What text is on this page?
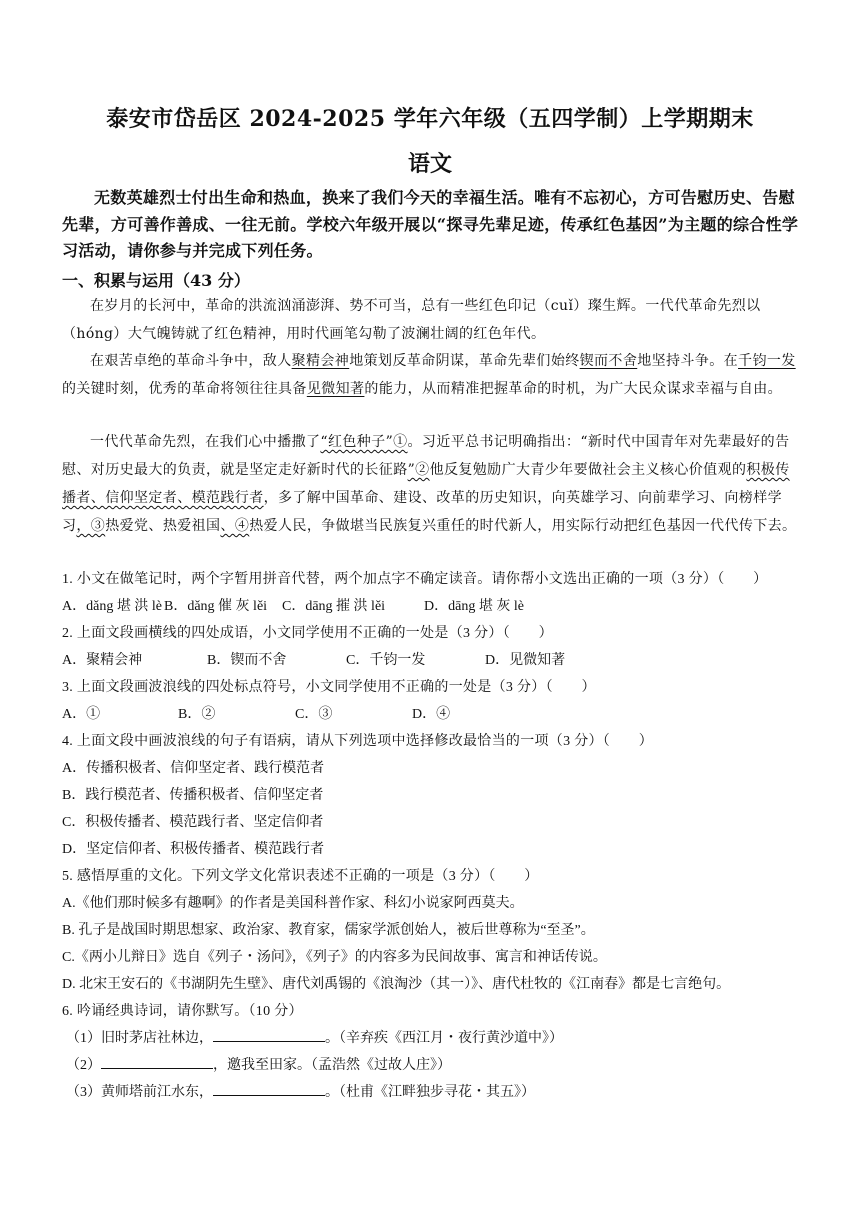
泰安市岱岳区 2024-2025 学年六年级（五四学制）上学期期末
语文
无数英雄烈士付出生命和热血，换来了我们今天的幸福生活。唯有不忘初心，方可告慰历史、告慰先辈，方可善作善成、一往无前。学校六年级开展以“探寻先辈足迹，传承红色基因”为主题的综合性学习活动，请你参与并完成下列任务。
一、积累与运用（43 分）
在岁月的长河中，革命的洪流汹涌澎湃、势不可当，总有一些红色印记（cuǐ）璨生辉。一代代革命先烈以（hóng）大气魄铸就了红色精神，用时代画笔勾勒了波澜壮阔的红色年代。
在艰苦卓绝的革命斗争中，敌人聚精会神地策划反革命阴谋，革命先辈们始终锲而不舍地坚持斗争。在千钧一发的关键时刻，优秀的革命将领往往具备见微知著的能力，从而精准把握革命的时机，为广大民众谋求幸福与自由。
一代代革命先烈，在我们心中播撒了“红色种子”①。习近平总书记明确指出：“新时代中国青年对先辈最好的告慰、对历史最大的负责，就是坚定走好新时代的长征路”②他反复勉励广大青少年要做社会主义核心价值观的积极传播者、信仰坚定者、模范践行者，多了解中国革命、建设、改革的历史知识，向英雄学习、向前辈学习、向榜样学习，③热爱党、热爱祖国、④热爱人民，争做堪当民族复兴重任的时代新人，用实际行动把红色基因一代代传下去。
1. 小文在做笔记时，两个字暂用拼音代替，两个加点字不确定读音。请你帮小文选出正确的一项（3 分）（　　）
A．dǎng 堪 洪 lè B．dǎng 催 灰 lěi C．dāng 摧 洪 lěi	D．dāng 堪 灰 lè
2. 上面文段画横线的四处成语，小文同学使用不正确的一处是（3 分）（　　）
A．聚精会神	B．锲而不舍	C．千钧一发	D．见微知著
3. 上面文段画波浪线的四处标点符号，小文同学使用不正确的一处是（3 分）（　　）
A．①	B．②	C．③	D．④
4. 上面文段中画波浪线的句子有语病，请从下列选项中选择修改最恰当的一项（3 分）（　　）
A．传播积极者、信仰坚定者、践行模范者
B．践行模范者、传播积极者、信仰坚定者
C．积极传播者、模范践行者、坚定信仰者
D．坚定信仰者、积极传播者、模范践行者
5. 感悟厚重的文化。下列文学文化常识表述不正确的一项是（3 分）（　　）
A.《他们那时候多有趣啊》的作者是美国科普作家、科幻小说家阿西莫夫。
B. 孔子是战国时期思想家、政治家、教育家，儒家学派创始人，被后世尊称为“至圣”。
C.《两小儿辩日》选自《列子・汤问》，《列子》的内容多为民间故事、寓言和神话传说。
D. 北宋王安石的《书湖阴先生壁》、唐代刘禹锡的《浪淘沙（其一）》、唐代杜牧的《江南春》都是七言绝句。
6. 吟诵经典诗词，请你默写。（10 分）
（1）旧时茅店社林边，	。（辛弃疾《西江月・夜行黄沙道中》）
（2）	，邀我至田家。（孟浩然《过故人庄》）
（3）黄师塔前江水东，	。（杜甫《江畔独步寻花・其五》）
